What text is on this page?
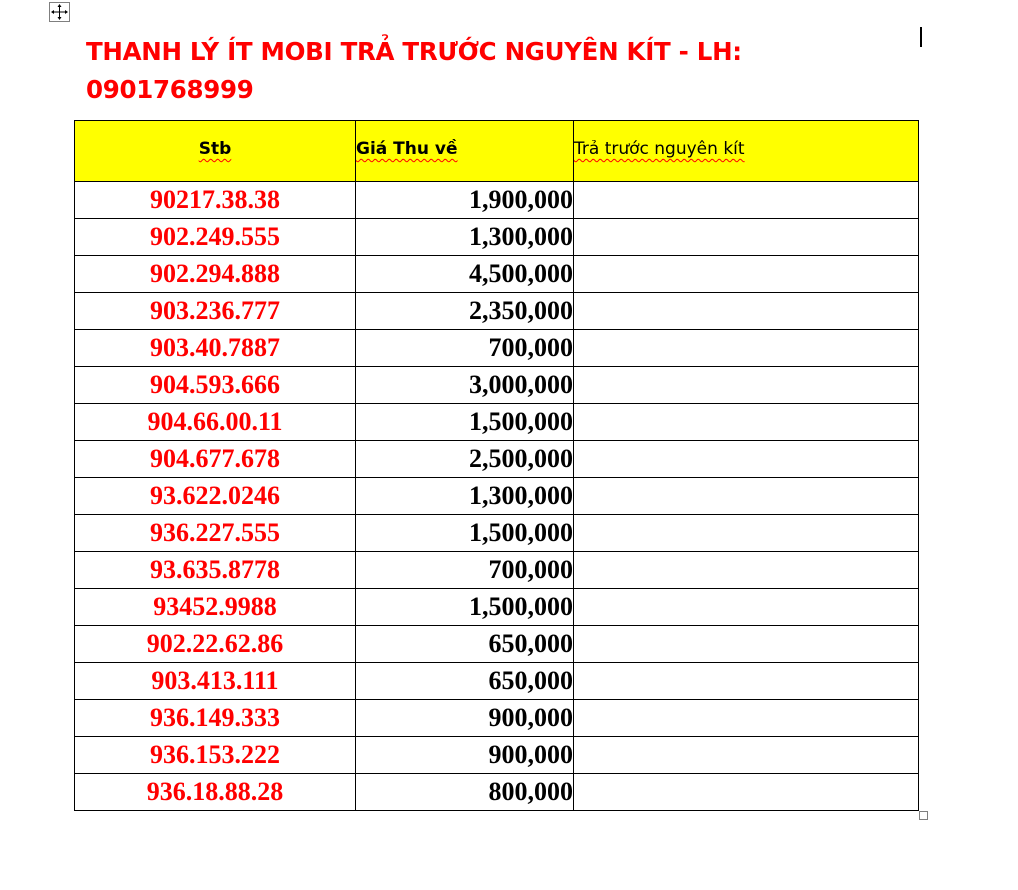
THANH LÝ ÍT MOBI TRẢ TRƯỚC NGUYÊN KÍT - LH: 0901768999
Stb	Giá Thu về	Trả trước nguyên kít
90217.38.38	1,900,000	
902.249.555	1,300,000	
902.294.888	4,500,000	
903.236.777	2,350,000	
903.40.7887	700,000	
904.593.666	3,000,000	
904.66.00.11	1,500,000	
904.677.678	2,500,000	
93.622.0246	1,300,000	
936.227.555	1,500,000	
93.635.8778	700,000	
93452.9988	1,500,000	
902.22.62.86	650,000	
903.413.111	650,000	
936.149.333	900,000	
936.153.222	900,000	
936.18.88.28	800,000	
